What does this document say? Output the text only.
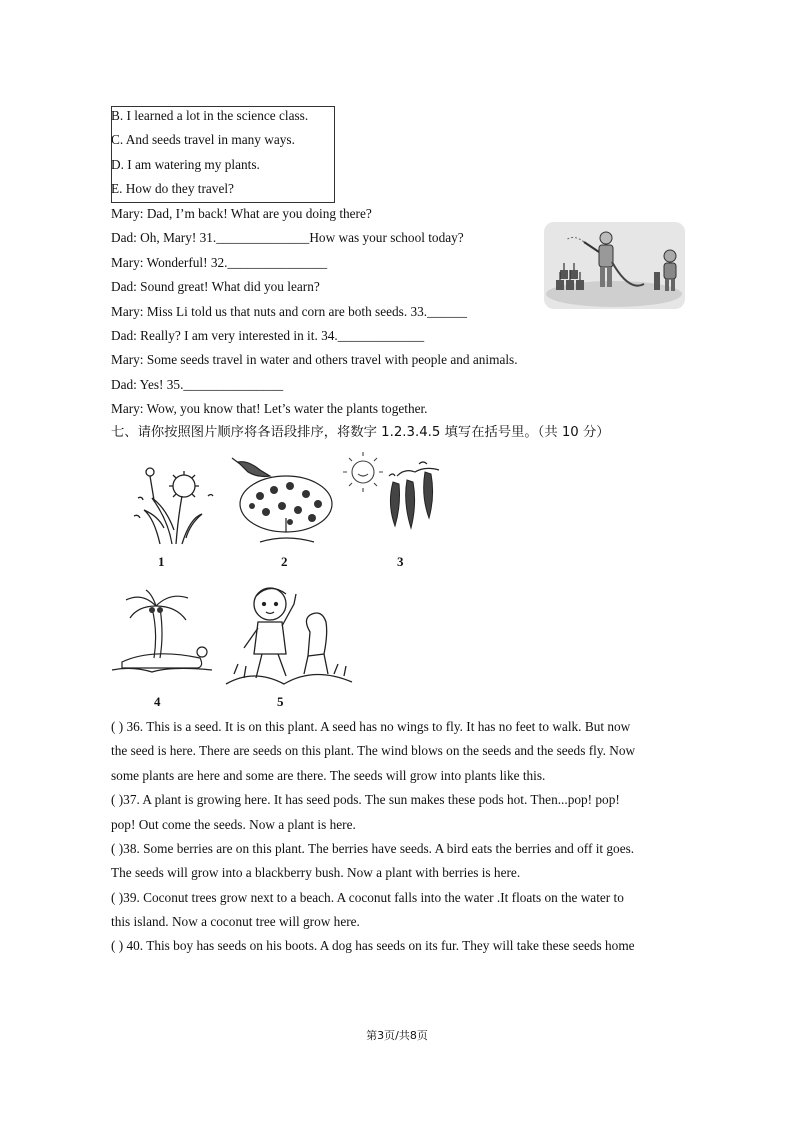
B. I learned a lot in the science class.
C. And seeds travel in many ways.
D. I am watering my plants.
E. How do they travel?
Mary: Dad, I’m back! What are you doing there?
Dad: Oh, Mary! 31.______________How was your school today?
Mary: Wonderful! 32._______________
Dad: Sound great! What did you learn?
Mary: Miss Li told us that nuts and corn are both seeds. 33.______
Dad: Really? I am very interested in it. 34._____________
Mary: Some seeds travel in water and others travel with people and animals.
Dad: Yes! 35._______________
Mary: Wow, you know that! Let’s water the plants together.
七、请你按照图片顺序将各语段排序，将数字 1.2.3.4.5 填写在括号里。（共 10 分）
1	2	3
4	5
( ) 36. This is a seed. It is on this plant. A seed has no wings to fly. It has no feet to walk. But now
the seed is here. There are seeds on this plant. The wind blows on the seeds and the seeds fly. Now
some plants are here and some are there. The seeds will grow into plants like this.
( )37. A plant is growing here. It has seed pods. The sun makes these pods hot. Then...pop! pop!
pop! Out come the seeds. Now a plant is here.
( )38. Some berries are on this plant. The berries have seeds. A bird eats the berries and off it goes.
The seeds will grow into a blackberry bush. Now a plant with berries is here.
( )39. Coconut trees grow next to a beach. A coconut falls into the water .It floats on the water to
this island. Now a coconut tree will grow here.
( ) 40. This boy has seeds on his boots. A dog has seeds on its fur. They will take these seeds home
第3页/共8页
